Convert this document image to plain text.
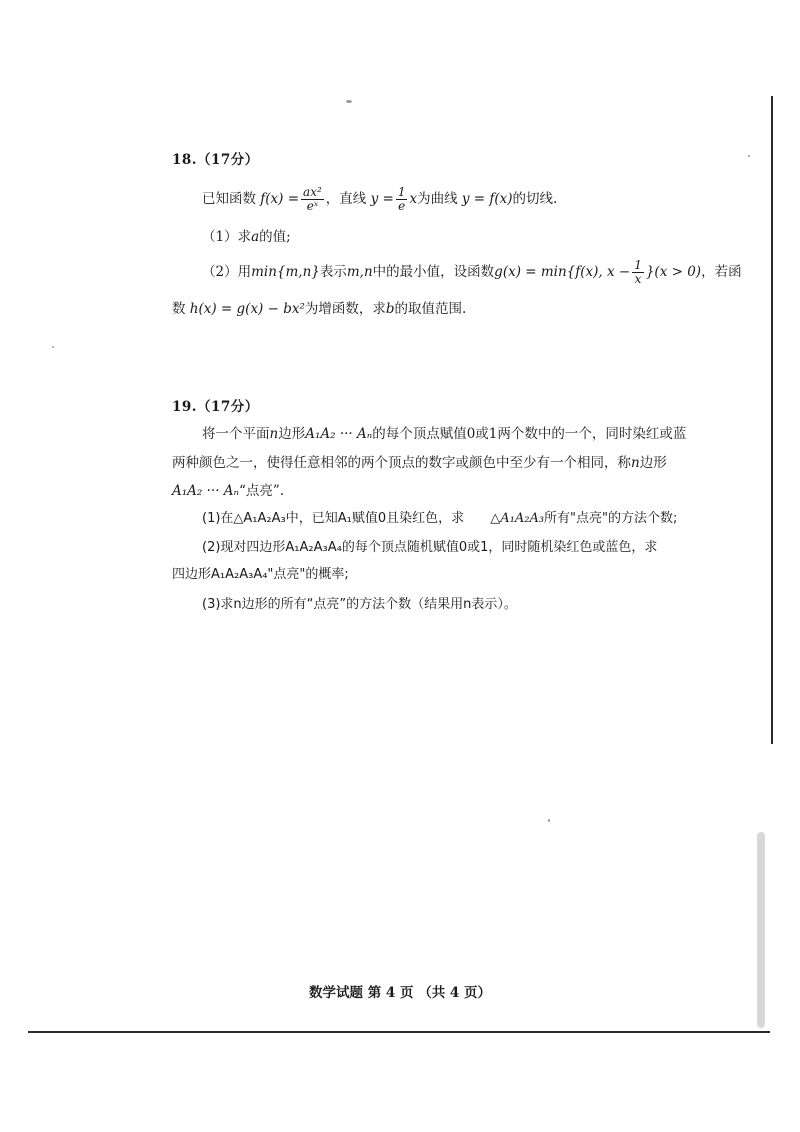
18.（17分）
已知函数 $f(x) = \frac{\text{ax²}}{\text{eˣ}}$ ，直线 $y = \frac{1}{e}$ x为曲线 y = f(x)的切线.
（1）求a的值;
（2）用min{m,n}表示m,n中的最小值，设函数g(x) = min{f(x), $x - \frac{1}{x} \}(x > 0)$，若函
数 h(x) = g(x) − bx²为增函数，求b的取值范围.
19.（17分）
将一个平面n边形A₁A₂ ··· Aₙ的每个顶点赋值0或1两个数中的一个，同时染红或蓝
两种颜色之一，使得任意相邻的两个顶点的数字或颜色中至少有一个相同，称n边形
A₁A₂ ··· Aₙ“点亮”.
(1)在△A₁A₂A₃中，已知A₁赋值0且染红色，求 △A₁A₂A₃所有"点亮"的方法个数;
(2)现对四边形A₁A₂A₃A₄的每个顶点随机赋值0或1，同时随机染红色或蓝色，求
四边形A₁A₂A₃A₄"点亮"的概率;
(3)求n边形的所有“点亮”的方法个数（结果用n表示）。
数学试题 第 4 页 （共 4 页）
